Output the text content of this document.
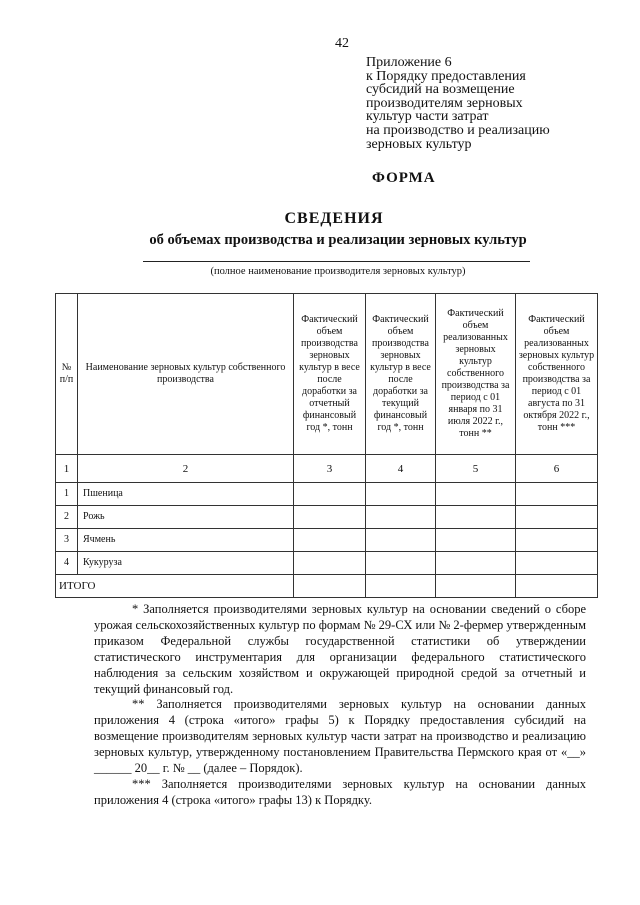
42
Приложение 6
к Порядку предоставления
субсидий на возмещение
производителям зерновых
культур части затрат
на производство и реализацию
зерновых культур
ФОРМА
СВЕДЕНИЯ
об объемах производства и реализации зерновых культур
(полное наименование производителя зерновых культур)
№ п/п	Наименование зерновых культур собственного производства	Фактический объем производства зерновых культур в весе после доработки за отчетный финансовый год *, тонн	Фактический объем производства зерновых культур в весе после доработки за текущий финансовый год *, тонн	Фактический объем реализованных зерновых культур собственного производства за период с 01 января по 31 июля 2022 г., тонн **	Фактический объем реализованных зерновых культур собственного производства за период с 01 августа по 31 октября 2022 г., тонн ***
1	2	3	4	5	6
1	Пшеница				
2	Рожь				
3	Ячмень				
4	Кукуруза				
ИТОГО					

* Заполняется производителями зерновых культур на основании сведений о сборе урожая сельскохозяйственных культур по формам № 29-СХ или № 2-фермер утвержденным приказом Федеральной службы государственной статистики об утверждении статистического инструментария для организации федерального статистического наблюдения за сельским хозяйством и окружающей природной средой за отчетный и текущий финансовый год.

** Заполняется производителями зерновых культур на основании данных приложения 4 (строка «итого» графы 5) к Порядку предоставления субсидий на возмещение производителям зерновых культур части затрат на производство и реализацию зерновых культур, утвержденному постановлением Правительства Пермского края от «__» ______ 20__ г. № __ (далее – Порядок).

*** Заполняется производителями зерновых культур на основании данных приложения 4 (строка «итого» графы 13) к Порядку.
